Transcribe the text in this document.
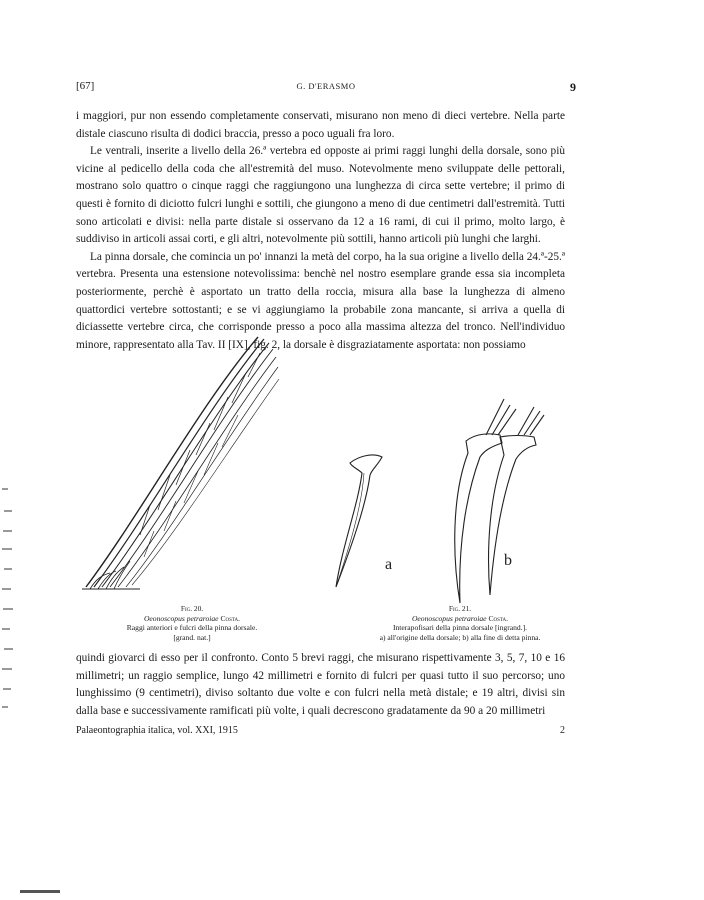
[67]	G. D'ERASMO	9

i maggiori, pur non essendo completamente conservati, misurano non meno di dieci vertebre. Nella parte distale ciascuno risulta di dodici braccia, presso a poco uguali fra loro.

Le ventrali, inserite a livello della 26.ª vertebra ed opposte ai primi raggi lunghi della dorsale, sono più vicine al pedicello della coda che all'estremità del muso. Notevolmente meno sviluppate delle pettorali, mostrano solo quattro o cinque raggi che raggiungono una lunghezza di circa sette vertebre; il primo di questi è fornito di diciotto fulcri lunghi e sottili, che giungono a meno di due centimetri dall'estremità. Tutti sono articolati e divisi: nella parte distale si osservano da 12 a 16 rami, di cui il primo, molto largo, è suddiviso in articoli assai corti, e gli altri, notevolmente più sottili, hanno articoli più lunghi che larghi.

La pinna dorsale, che comincia un po' innanzi la metà del corpo, ha la sua origine a livello della 24.ª-25.ª vertebra. Presenta una estensione notevolissima: benchè nel nostro esemplare grande essa sia incompleta posteriormente, perchè è asportato un tratto della roccia, misura alla base la lunghezza di almeno quattordici vertebre sottostanti; e se vi aggiungiamo la probabile zona mancante, si arriva a quella di diciassette vertebre circa, che corrisponde presso a poco alla massima altezza del tronco. Nell'individuo minore, rappresentato alla Tav. II [IX], fig. 2, la dorsale è disgraziatamente asportata: non possiamo

a	b
Fig. 20.
Oeonoscopus petraroiae Costa.
Raggi anteriori e fulcri della pinna dorsale.
[grand. nat.]
Fig. 21.
Oeonoscopus petraroiae Costa.
Interapofisari della pinna dorsale [ingrand.].
a) all'origine della dorsale; b) alla fine di detta pinna.

quindi giovarci di esso per il confronto. Conto 5 brevi raggi, che misurano rispettivamente 3, 5, 7, 10 e 16 millimetri; un raggio semplice, lungo 42 millimetri e fornito di fulcri per quasi tutto il suo percorso; uno lunghissimo (9 centimetri), diviso soltanto due volte e con fulcri nella metà distale; e 19 altri, divisi sin dalla base e successivamente ramificati più volte, i quali decrescono gradatamente da 90 a 20 millimetri

Palaeontographia italica, vol. XXI, 1915	2
